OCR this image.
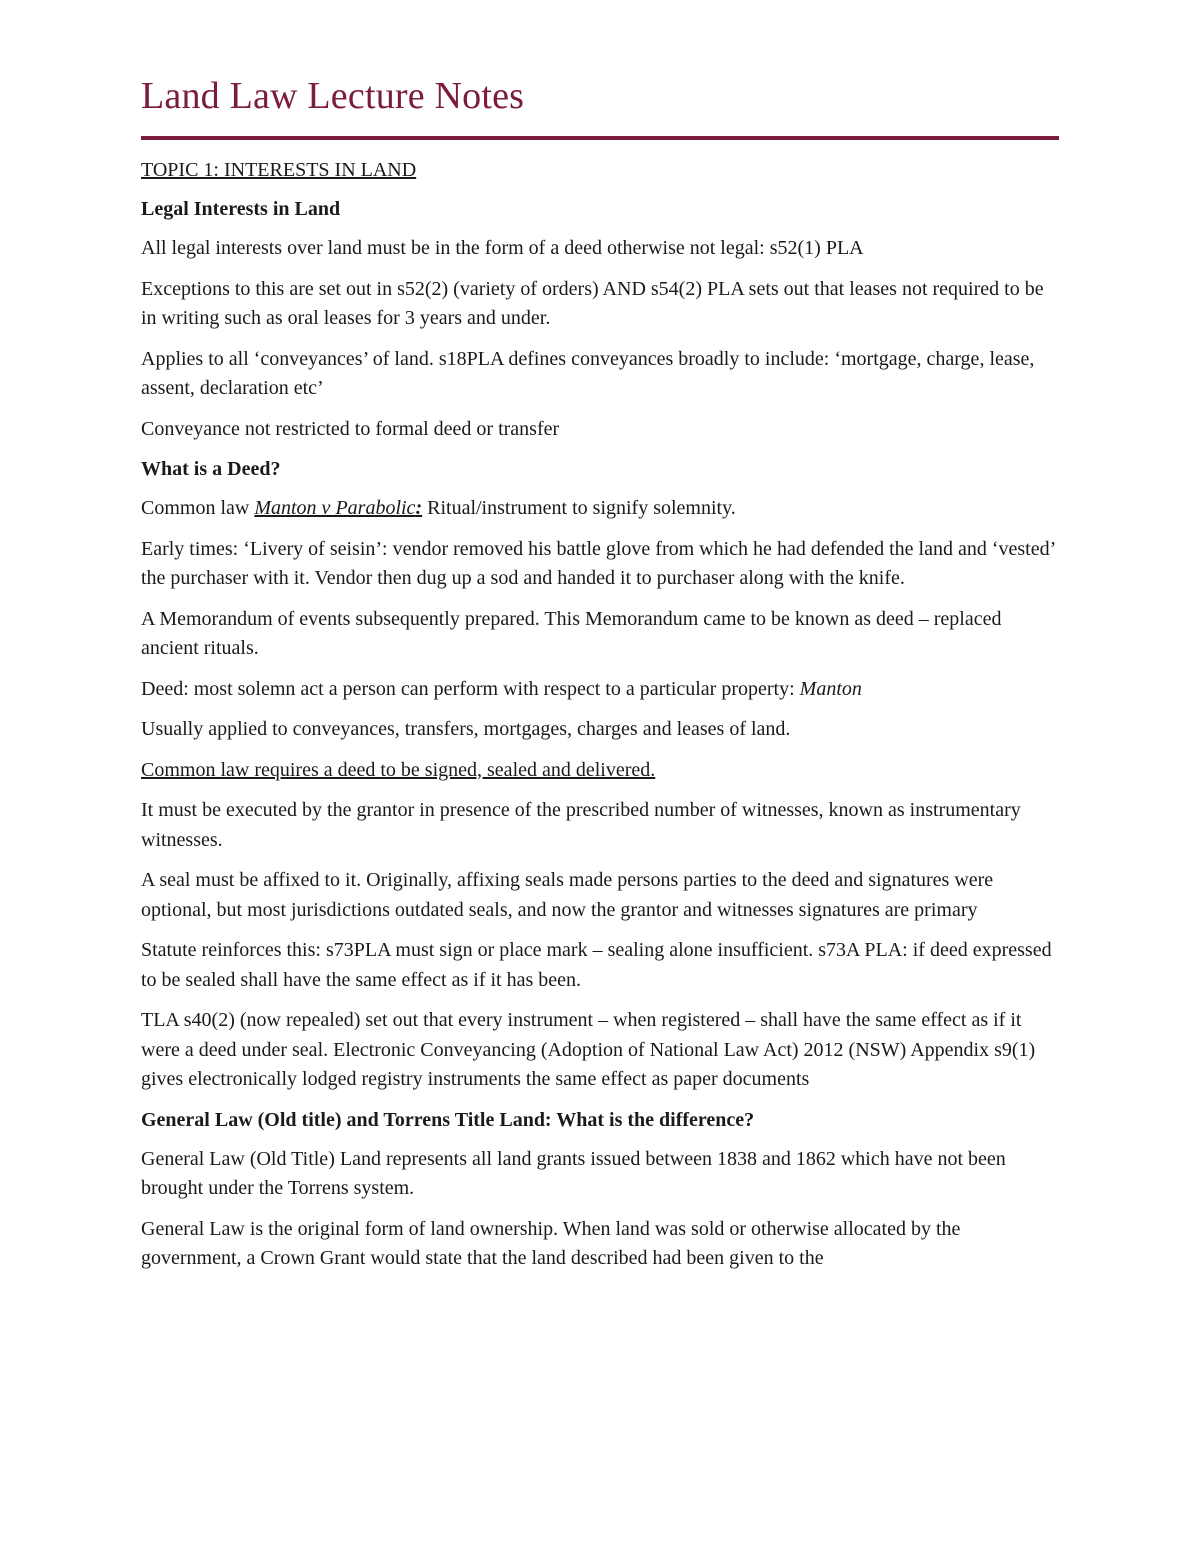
Land Law Lecture Notes
TOPIC 1: INTERESTS IN LAND
Legal Interests in Land

All legal interests over land must be in the form of a deed otherwise not legal: s52(1) PLA

Exceptions to this are set out in s52(2) (variety of orders) AND s54(2) PLA sets out that leases not required to be in writing such as oral leases for 3 years and under.

Applies to all ‘conveyances’ of land. s18PLA defines conveyances broadly to include: ‘mortgage, charge, lease, assent, declaration etc’

Conveyance not restricted to formal deed or transfer

What is a Deed?

Common law Manton v Parabolic: Ritual/instrument to signify solemnity.

Early times: ‘Livery of seisin’: vendor removed his battle glove from which he had defended the land and ‘vested’ the purchaser with it. Vendor then dug up a sod and handed it to purchaser along with the knife.

A Memorandum of events subsequently prepared. This Memorandum came to be known as deed – replaced ancient rituals.

Deed: most solemn act a person can perform with respect to a particular property: Manton

Usually applied to conveyances, transfers, mortgages, charges and leases of land.

Common law requires a deed to be signed, sealed and delivered.

It must be executed by the grantor in presence of the prescribed number of witnesses, known as instrumentary witnesses.

A seal must be affixed to it. Originally, affixing seals made persons parties to the deed and signatures were optional, but most jurisdictions outdated seals, and now the grantor and witnesses signatures are primary

Statute reinforces this: s73PLA must sign or place mark – sealing alone insufficient. s73A PLA: if deed expressed to be sealed shall have the same effect as if it has been.

TLA s40(2) (now repealed) set out that every instrument – when registered – shall have the same effect as if it were a deed under seal. Electronic Conveyancing (Adoption of National Law Act) 2012 (NSW) Appendix s9(1) gives electronically lodged registry instruments the same effect as paper documents

General Law (Old title) and Torrens Title Land: What is the difference?

General Law (Old Title) Land represents all land grants issued between 1838 and 1862 which have not been brought under the Torrens system.

General Law is the original form of land ownership. When land was sold or otherwise allocated by the government, a Crown Grant would state that the land described had been given to the
